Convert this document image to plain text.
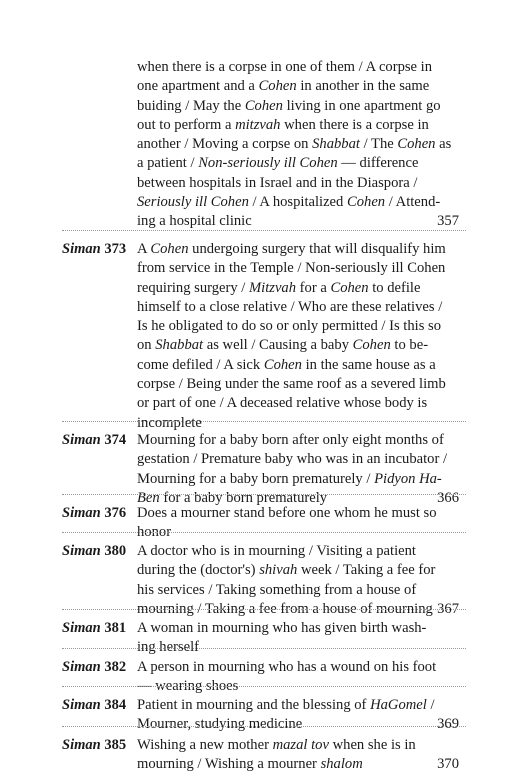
when there is a corpse in one of them / A corpse in
one apartment and a Cohen in another in the same
buiding / May the Cohen living in one apartment go
out to perform a mitzvah when there is a corpse in
another / Moving a corpse on Shabbat / The Cohen as
a patient / Non-seriously ill Cohen — difference
between hospitals in Israel and in the Diaspora /
Seriously ill Cohen / A hospitalized Cohen / Attend-
ing a hospital clinic	357
Siman 373 A Cohen undergoing surgery that will disqualify him
from service in the Temple / Non-seriously ill Cohen
requiring surgery / Mitzvah for a Cohen to defile
himself to a close relative / Who are these relatives /
Is he obligated to do so or only permitted / Is this so
on Shabbat as well / Causing a baby Cohen to be-
come defiled / A sick Cohen in the same house as a
corpse / Being under the same roof as a severed limb
or part of one / A deceased relative whose body is
incomplete
Siman 374 Mourning for a baby born after only eight months of
gestation / Premature baby who was in an incubator /
Mourning for a baby born prematurely / Pidyon Ha-
Ben for a baby born prematurely	366
Siman 376 Does a mourner stand before one whom he must so
honor
Siman 380 A doctor who is in mourning / Visiting a patient
during the (doctor's) shivah week / Taking a fee for
his services / Taking something from a house of
mourning / Taking a fee from a house of mourning 367
Siman 381 A woman in mourning who has given birth wash-
ing herself
Siman 382 A person in mourning who has a wound on his foot
— wearing shoes
Siman 384 Patient in mourning and the blessing of HaGomel /
Mourner, studying medicine	369
Siman 385 Wishing a new mother mazal tov when she is in
mourning / Wishing a mourner shalom	370
